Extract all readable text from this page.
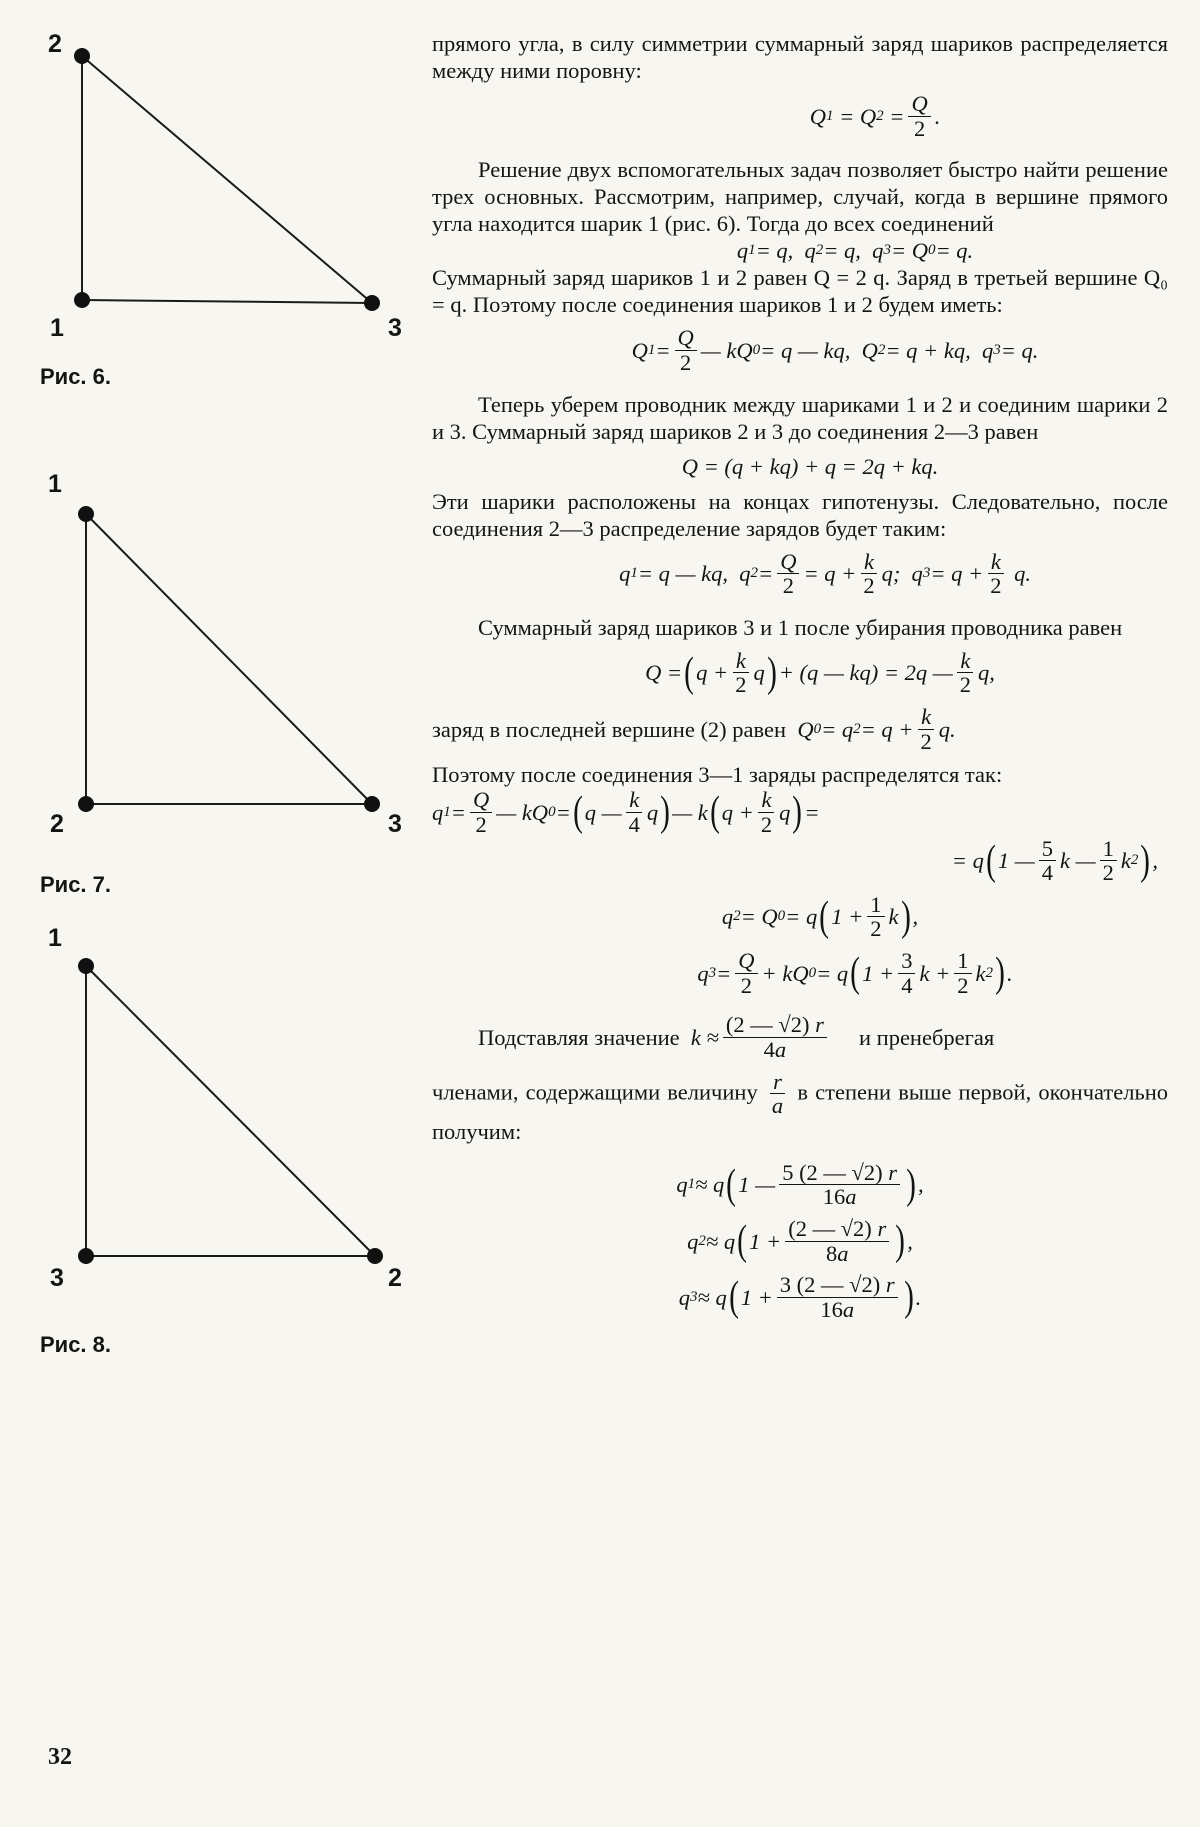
2
1	3
Рис. 6.
1
2	3
Рис. 7.
1
3	2
Рис. 8.

прямого угла, в силу симметрии суммарный заряд шариков распределяется между ними поровну:

Q 1 = Q $2 = \frac{Q}{2}$ .

Решение двух вспомогательных задач позволяет быстро найти решение трех основных. Рассмотрим, например, случай, когда в вершине прямого угла находится шарик 1 (рис. 6). Тогда до всех соединений

q 1 = q,  q 2 = q,  q 3 = Q 0 = q.

Суммарный заряд шариков 1 и 2 равен Q = 2 q. Заряд в третьей вершине Q₀ = q. Поэтому после соединения шариков 1 и 2 будем иметь:

Q $1 = \frac{Q}{2}$ — kQ 0 = q — kq,  Q 2 = q + kq,  q 3 = q.

Теперь уберем проводник между шариками 1 и 2 и соединим шарики 2 и 3. Суммарный заряд шариков 2 и 3 до соединения 2—3 равен

Q = (q + kq) + q = 2q + kq.

Эти шарики расположены на концах гипотенузы. Следовательно, после соединения 2—3 распределение зарядов будет таким:

q 1 = q — kq,  q $2 = \frac{Q}{2} = q + \frac{k}{2} q$;  q $3 = q + \frac{k}{2} q$.

Суммарный заряд шариков 3 и 1 после убирания проводника равен

Q = ( $q + \frac{k}{2}$ q ) + (q — kq) = 2q — $\frac{k}{2} q$,
заряд в последней вершине (2) равен Q 0 = q $2 = q + \frac{k}{2} q$.

Поэтому после соединения 3—1 заряды распределятся так:

q $1 = \frac{Q}{2}$ — kQ 0 = ( q — $\frac{k}{4}$ q ) — k ( $q + \frac{k}{2}$ q ) =
= q ( 1 — $\frac{5}{4}$ k — $\frac{1}{2}$ k 2 ) ,
q 2 = Q 0 = q ( $1 + \frac{1}{2}$ k ) ,
q $3 = \frac{Q}{2}$ + kQ 0 = q ( $1 + \frac{3}{4}$ $k + \frac{1}{2}$ k 2 ) .
Подставляя значение $k \approx \frac{(2 — √2) r}{4a}$
и пренебрегая

членами, содержащими величину $\frac{r}{a}$ в степени выше первой, окончательно получим:

q 1 ≈ q ( 1 — $\frac{5 (2 — √2) r}{16a}$ ) ,
q 2 ≈ q ( $1 + \frac{(2 — √2) r}{8a}$ ) ,
q 3 ≈ q ( $1 + \frac{3 (2 — √2) r}{16a}$ ) .
32
